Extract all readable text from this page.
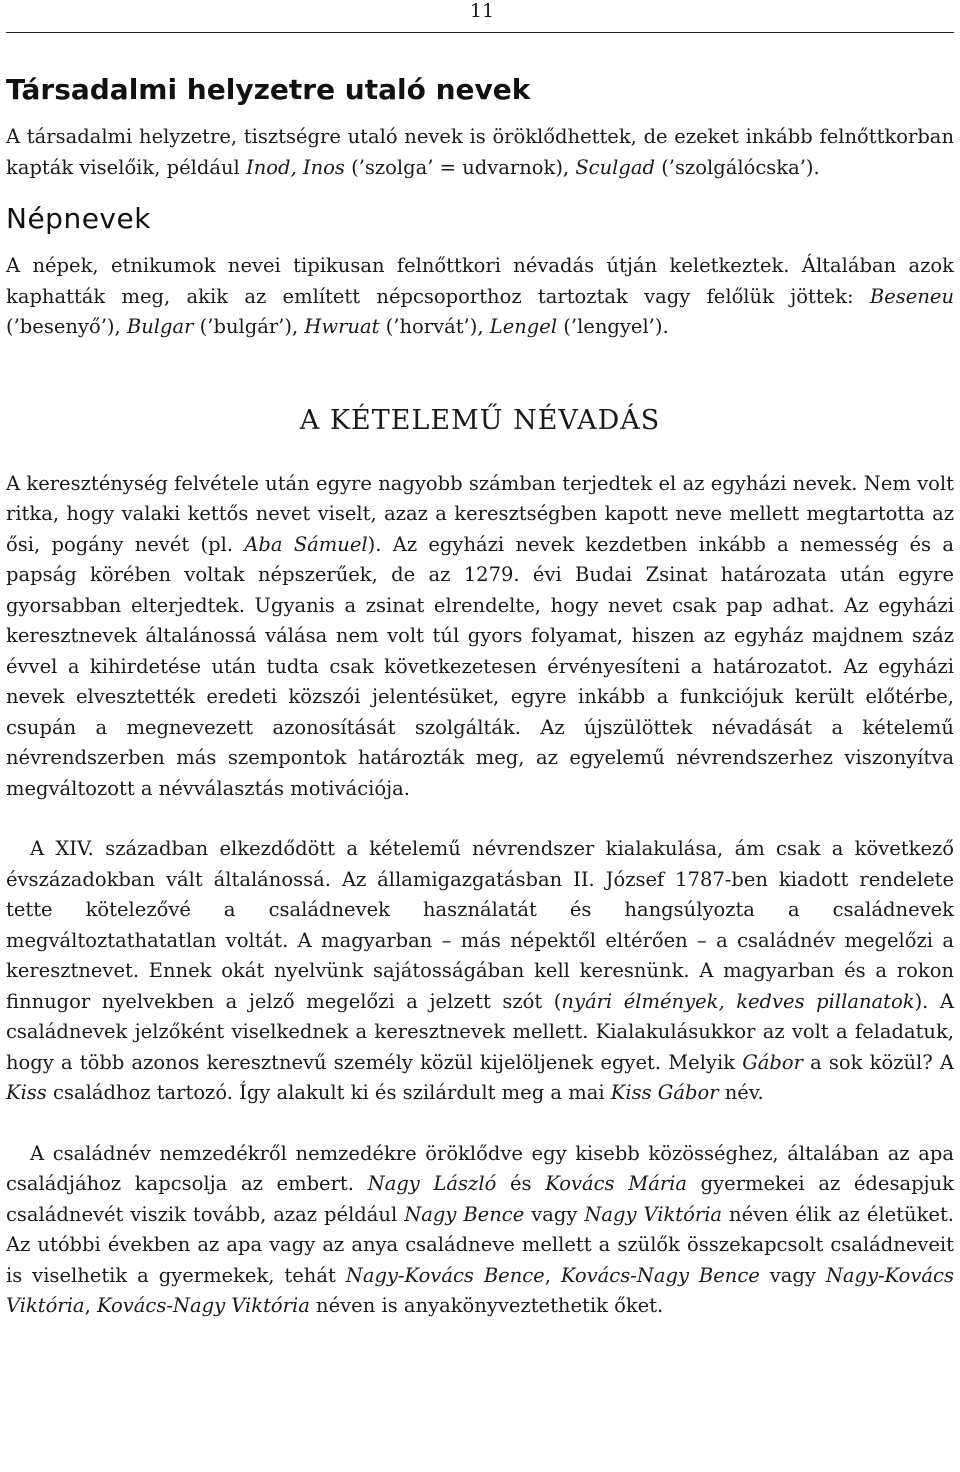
11
Társadalmi helyzetre utaló nevek

A társadalmi helyzetre, tisztségre utaló nevek is öröklődhettek, de ezeket inkább felnőttkorban kapták viselőik, például Inod, Inos (’szolga’ = udvarnok), Sculgad (’szolgálócska’).

Népnevek

A népek, etnikumok nevei tipikusan felnőttkori névadás útján keletkeztek. Általában azok kaphatták meg, akik az említett népcsoporthoz tartoztak vagy felőlük jöttek: Beseneu (’besenyő’), Bulgar (’bulgár’), Hwruat (’horvát’), Lengel (’lengyel’).

A KÉTELEMŰ NÉVADÁS

A kereszténység felvétele után egyre nagyobb számban terjedtek el az egyházi nevek. Nem volt ritka, hogy valaki kettős nevet viselt, azaz a keresztségben kapott neve mellett megtartotta az ősi, pogány nevét (pl. Aba Sámuel). Az egyházi nevek kezdetben inkább a nemesség és a papság körében voltak népszerűek, de az 1279. évi Budai Zsinat határozata után egyre gyorsabban elterjedtek. Ugyanis a zsinat elrendelte, hogy nevet csak pap adhat. Az egyházi keresztnevek általánossá válása nem volt túl gyors folyamat, hiszen az egyház majdnem száz évvel a kihirdetése után tudta csak következetesen érvényesíteni a határozatot. Az egyházi nevek elvesztették eredeti közszói jelentésüket, egyre inkább a funkciójuk került előtérbe, csupán a megnevezett azonosítását szolgálták. Az újszülöttek névadását a kételemű névrendszerben más szempontok határozták meg, az egyelemű névrendszerhez viszonyítva megváltozott a névválasztás motivációja.

A XIV. században elkezdődött a kételemű névrendszer kialakulása, ám csak a következő évszázadokban vált általánossá. Az államigazgatásban II. József 1787-ben kiadott rendelete tette kötelezővé a családnevek használatát és hangsúlyozta a családnevek megváltoztathatatlan voltát. A magyarban – más népektől eltérően – a családnév megelőzi a keresztnevet. Ennek okát nyelvünk sajátosságában kell keresnünk. A magyarban és a rokon finnugor nyelvekben a jelző megelőzi a jelzett szót (nyári élmények, kedves pillanatok). A családnevek jelzőként viselkednek a keresztnevek mellett. Kialakulásukkor az volt a feladatuk, hogy a több azonos keresztnevű személy közül kijelöljenek egyet. Melyik Gábor a sok közül? A Kiss családhoz tartozó. Így alakult ki és szilárdult meg a mai Kiss Gábor név.

A családnév nemzedékről nemzedékre öröklődve egy kisebb közösséghez, általában az apa családjához kapcsolja az embert. Nagy László és Kovács Mária gyermekei az édesapjuk családnevét viszik tovább, azaz például Nagy Bence vagy Nagy Viktória néven élik az életüket. Az utóbbi években az apa vagy az anya családneve mellett a szülők összekapcsolt családneveit is viselhetik a gyermekek, tehát Nagy-Kovács Bence, Kovács-Nagy Bence vagy Nagy-Kovács Viktória, Kovács-Nagy Viktória néven is anyakönyveztethetik őket.
